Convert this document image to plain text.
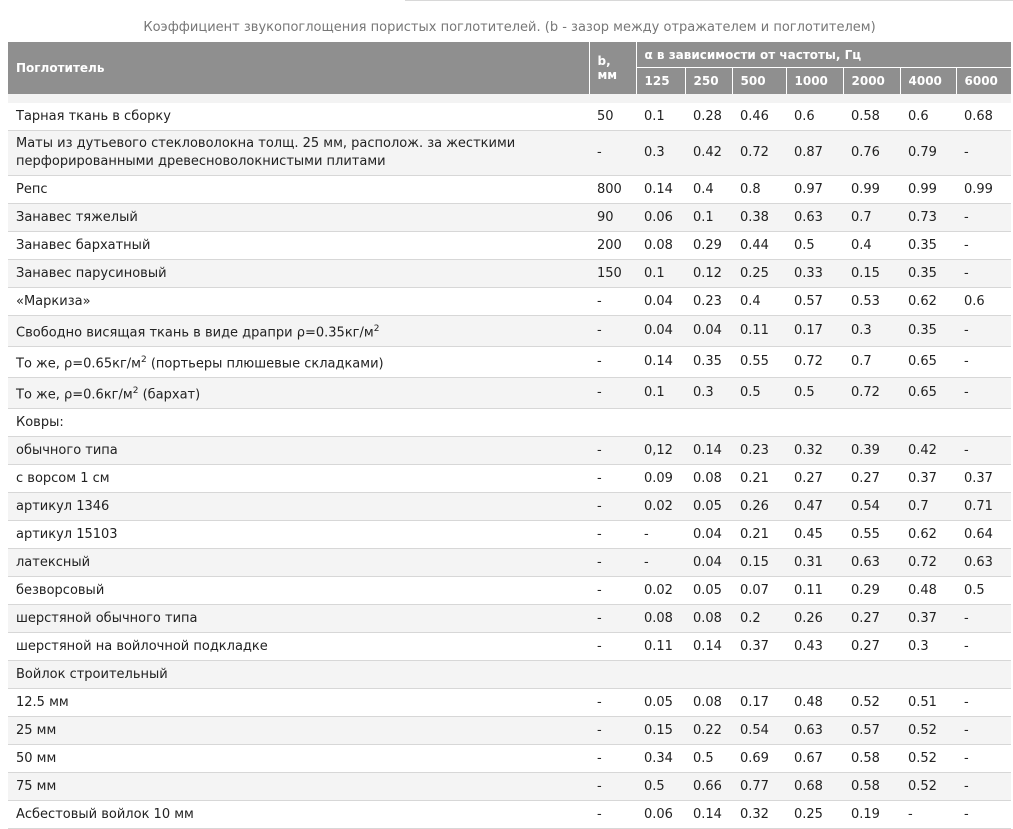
Коэффициент звукопоглощения пористых поглотителей. (b - зазор между отражателем и поглотителем)
Поглотитель	b,
мм	α в зависимости от частоты, Гц						
		125	250	500	1000	2000	4000	6000

Тарная ткань в сборку	50	0.1	0.28	0.46	0.6	0.58	0.6	0.68
Маты из дутьевого стекловолокна толщ. 25 мм, располож. за жесткими перфорированными древесноволокнистыми плитами	-	0.3	0.42	0.72	0.87	0.76	0.79	-
Репс	800	0.14	0.4	0.8	0.97	0.99	0.99	0.99
Занавес тяжелый	90	0.06	0.1	0.38	0.63	0.7	0.73	-
Занавес бархатный	200	0.08	0.29	0.44	0.5	0.4	0.35	-
Занавес парусиновый	150	0.1	0.12	0.25	0.33	0.15	0.35	-
«Маркиза»	-	0.04	0.23	0.4	0.57	0.53	0.62	0.6
Свободно висящая ткань в виде драпри $\rho=0.35кг/м^2$	-	0.04	0.04	0.11	0.17	0.3	0.35	-
То же, $\rho=0.65кг/м^2$ (портьеры плюшевые складками)	-	0.14	0.35	0.55	0.72	0.7	0.65	-
То же, $\rho=0.6кг/м^2$ (бархат)	-	0.1	0.3	0.5	0.5	0.72	0.65	-
Ковры:								
обычного типа	-	0,12	0.14	0.23	0.32	0.39	0.42	-
с ворсом 1 см	-	0.09	0.08	0.21	0.27	0.27	0.37	0.37
артикул 1346	-	0.02	0.05	0.26	0.47	0.54	0.7	0.71
артикул 15103	-	-	0.04	0.21	0.45	0.55	0.62	0.64
латексный	-	-	0.04	0.15	0.31	0.63	0.72	0.63
безворсовый	-	0.02	0.05	0.07	0.11	0.29	0.48	0.5
шерстяной обычного типа	-	0.08	0.08	0.2	0.26	0.27	0.37	-
шерстяной на войлочной подкладке	-	0.11	0.14	0.37	0.43	0.27	0.3	-
Войлок строительный								
12.5 мм	-	0.05	0.08	0.17	0.48	0.52	0.51	-
25 мм	-	0.15	0.22	0.54	0.63	0.57	0.52	-
50 мм	-	0.34	0.5	0.69	0.67	0.58	0.52	-
75 мм	-	0.5	0.66	0.77	0.68	0.58	0.52	-
Асбестовый войлок 10 мм	-	0.06	0.14	0.32	0.25	0.19	-	-
